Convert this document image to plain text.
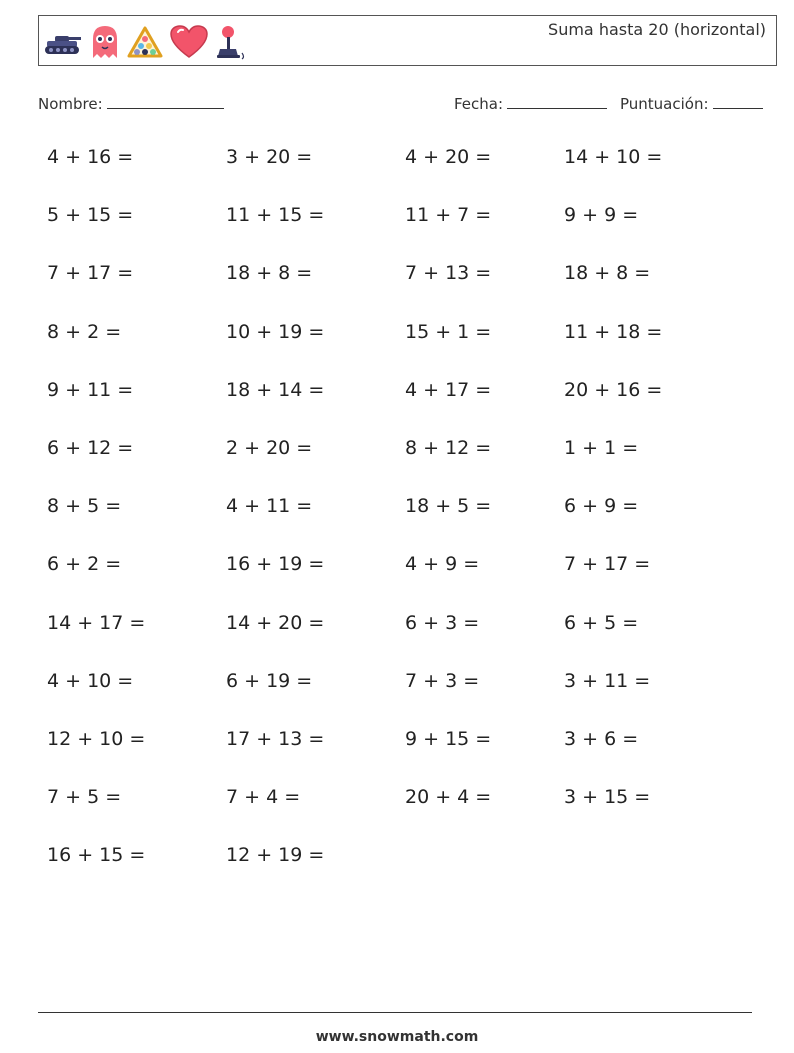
Suma hasta 20 (horizontal)
Nombre:	Fecha:	Puntuación:
4 + 16 =	3 + 20 =	4 + 20 =	14 + 10 =
5 + 15 =	11 + 15 =	11 + 7 =	9 + 9 =
7 + 17 =	18 + 8 =	7 + 13 =	18 + 8 =
8 + 2 =	10 + 19 =	15 + 1 =	11 + 18 =
9 + 11 =	18 + 14 =	4 + 17 =	20 + 16 =
6 + 12 =	2 + 20 =	8 + 12 =	1 + 1 =
8 + 5 =	4 + 11 =	18 + 5 =	6 + 9 =
6 + 2 =	16 + 19 =	4 + 9 =	7 + 17 =
14 + 17 =	14 + 20 =	6 + 3 =	6 + 5 =
4 + 10 =	6 + 19 =	7 + 3 =	3 + 11 =
12 + 10 =	17 + 13 =	9 + 15 =	3 + 6 =
7 + 5 =	7 + 4 =	20 + 4 =	3 + 15 =
16 + 15 =	12 + 19 =
www.snowmath.com
